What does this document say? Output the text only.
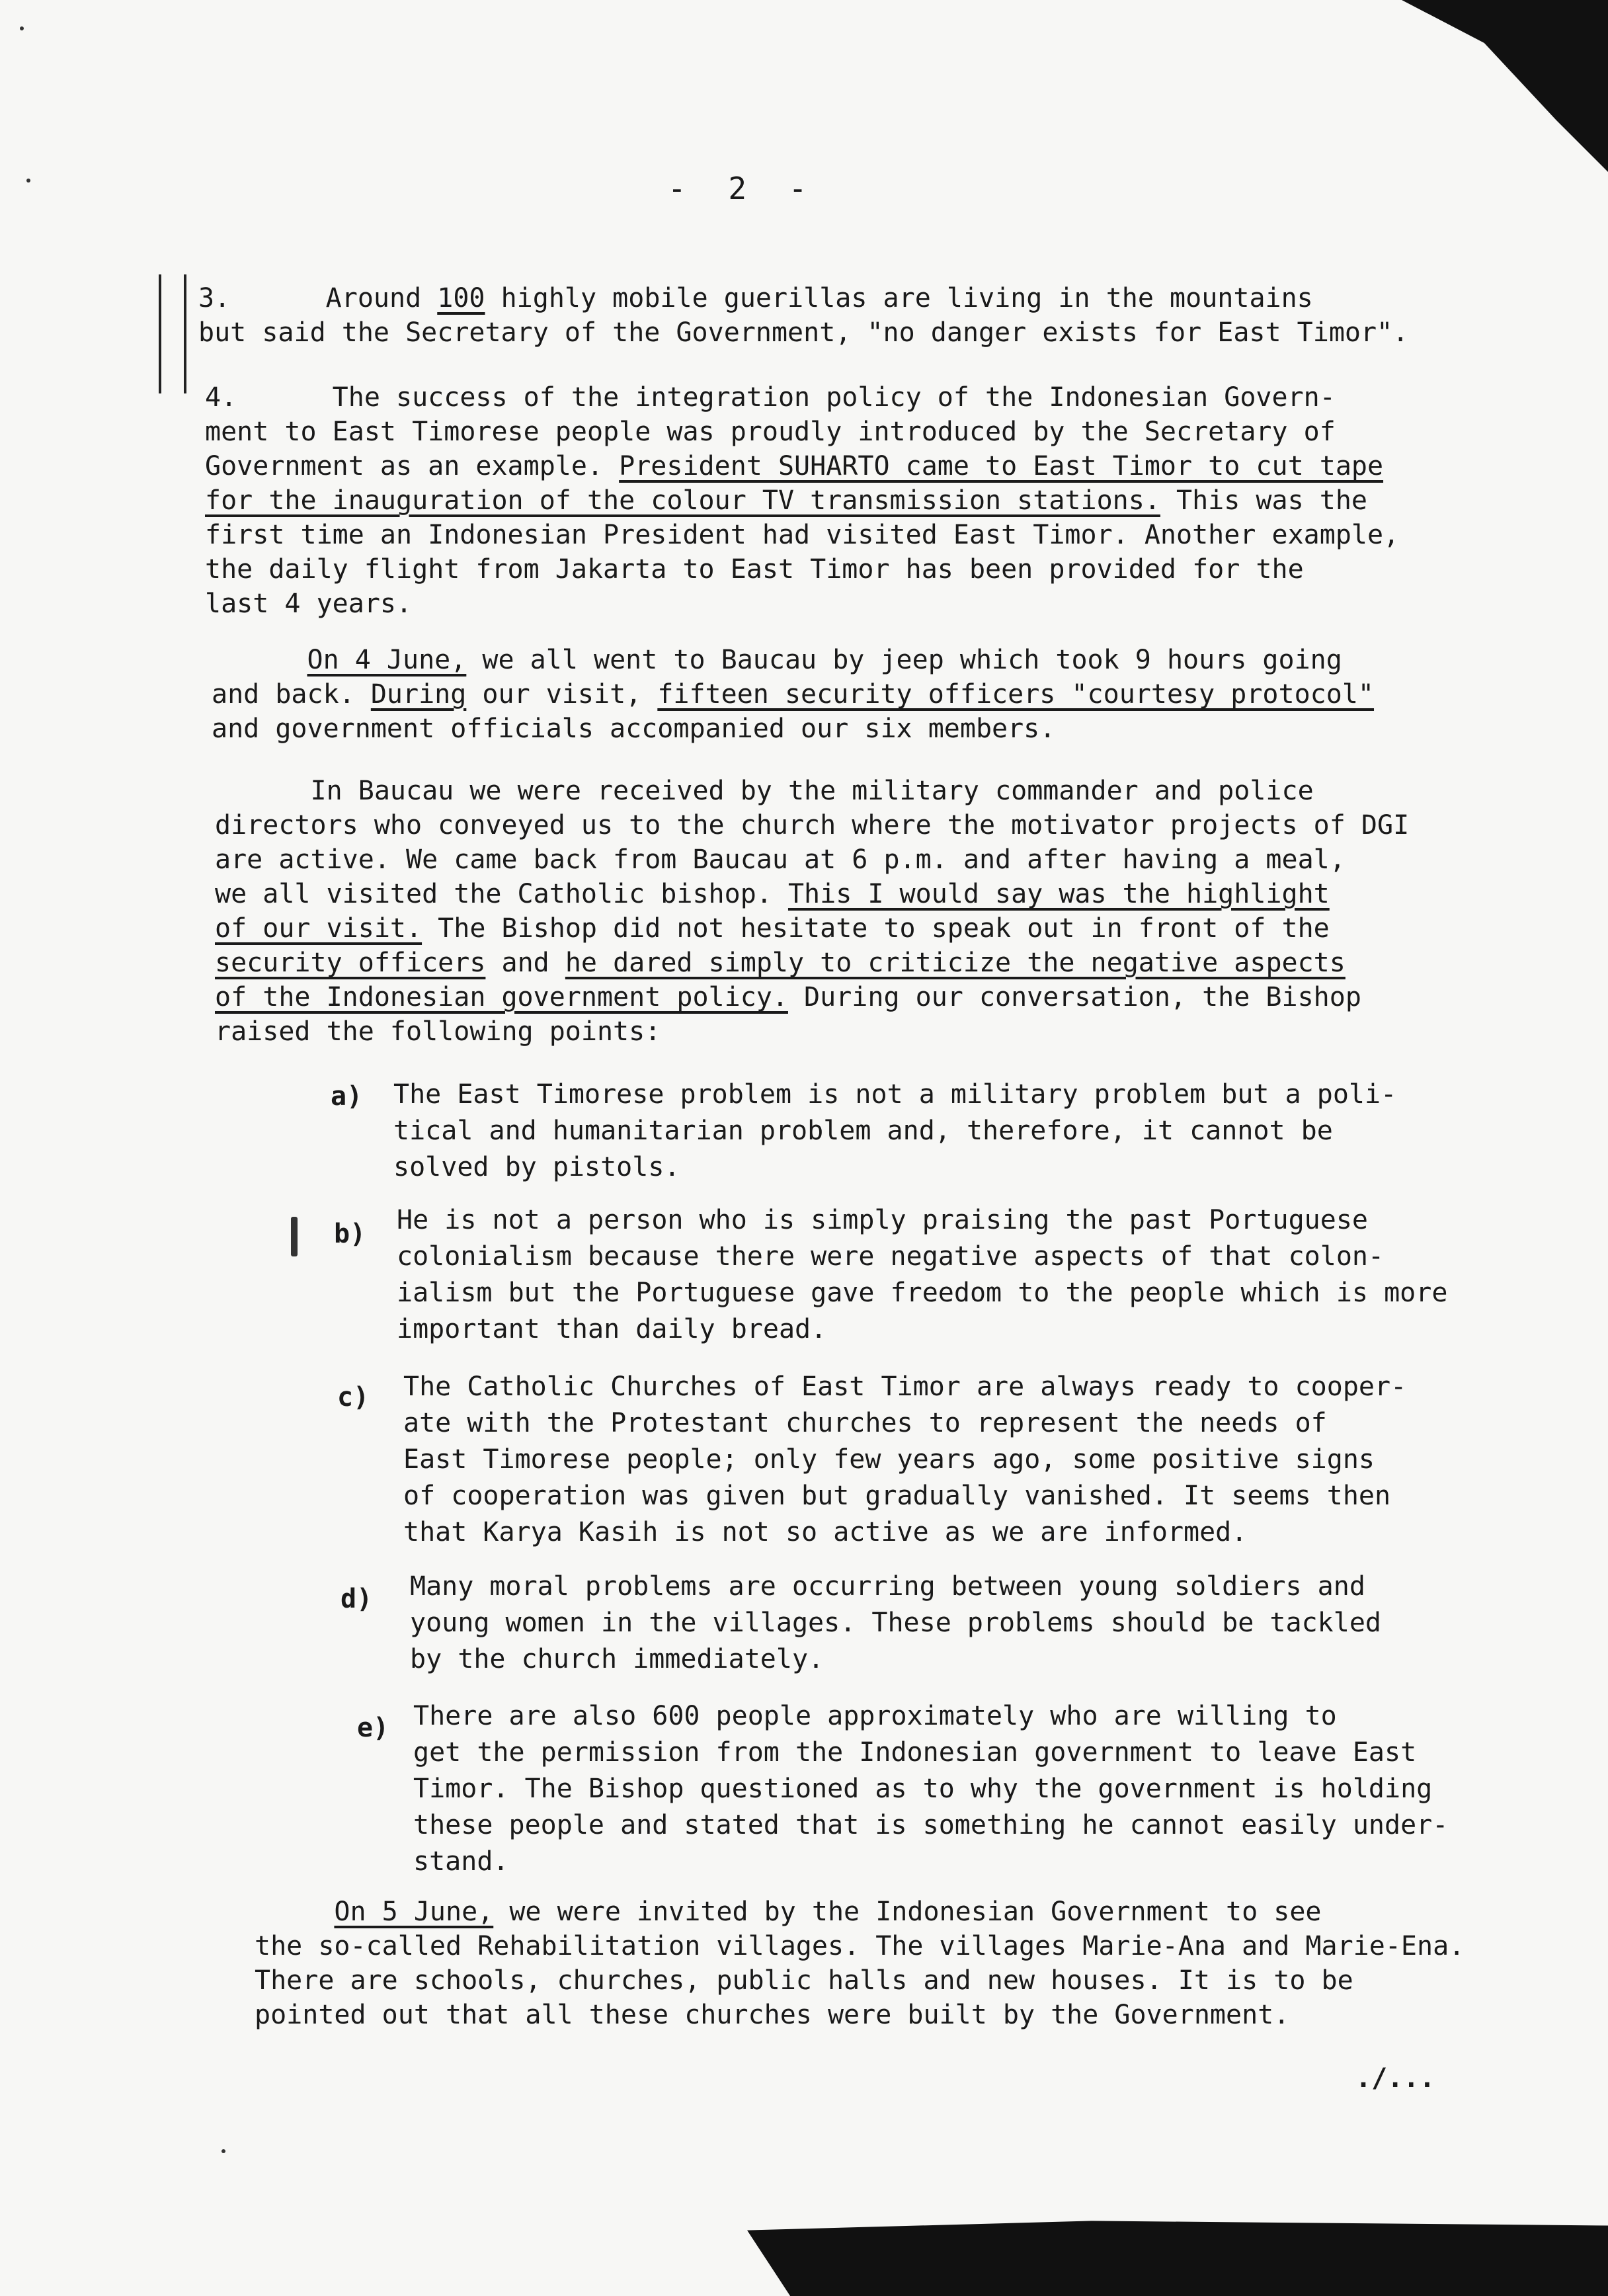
- 2 -

3.	Around 100 highly mobile guerillas are living in the mountains
but said the Secretary of the Government, "no danger exists for East Timor".

4.	The success of the integration policy of the Indonesian Govern-
ment to East Timorese people was proudly introduced by the Secretary of
Government as an example. President SUHARTO came to East Timor to cut tape
for the inauguration of the colour TV transmission stations. This was the
first time an Indonesian President had visited East Timor. Another example,
the daily flight from Jakarta to East Timor has been provided for the
last 4 years.

On 4 June, we all went to Baucau by jeep which took 9 hours going
and back. During our visit, fifteen security officers "courtesy protocol"
and government officials accompanied our six members.

In Baucau we were received by the military commander and police
directors who conveyed us to the church where the motivator projects of DGI
are active. We came back from Baucau at 6 p.m. and after having a meal,
we all visited the Catholic bishop. This I would say was the highlight
of our visit. The Bishop did not hesitate to speak out in front of the
security officers and he dared simply to criticize the negative aspects
of the Indonesian government policy. During our conversation, the Bishop
raised the following points:

a) The East Timorese problem is not a military problem but a poli-
tical and humanitarian problem and, therefore, it cannot be
solved by pistols.

b) He is not a person who is simply praising the past Portuguese
colonialism because there were negative aspects of that colon-
ialism but the Portuguese gave freedom to the people which is more
important than daily bread.

c) The Catholic Churches of East Timor are always ready to cooper-
ate with the Protestant churches to represent the needs of
East Timorese people; only few years ago, some positive signs
of cooperation was given but gradually vanished. It seems then
that Karya Kasih is not so active as we are informed.

d) Many moral problems are occurring between young soldiers and
young women in the villages. These problems should be tackled
by the church immediately.

e) There are also 600 people approximately who are willing to
get the permission from the Indonesian government to leave East
Timor. The Bishop questioned as to why the government is holding
these people and stated that is something he cannot easily under-
stand.

On 5 June, we were invited by the Indonesian Government to see
the so-called Rehabilitation villages. The villages Marie-Ana and Marie-Ena.
There are schools, churches, public halls and new houses. It is to be
pointed out that all these churches were built by the Government.

./...
